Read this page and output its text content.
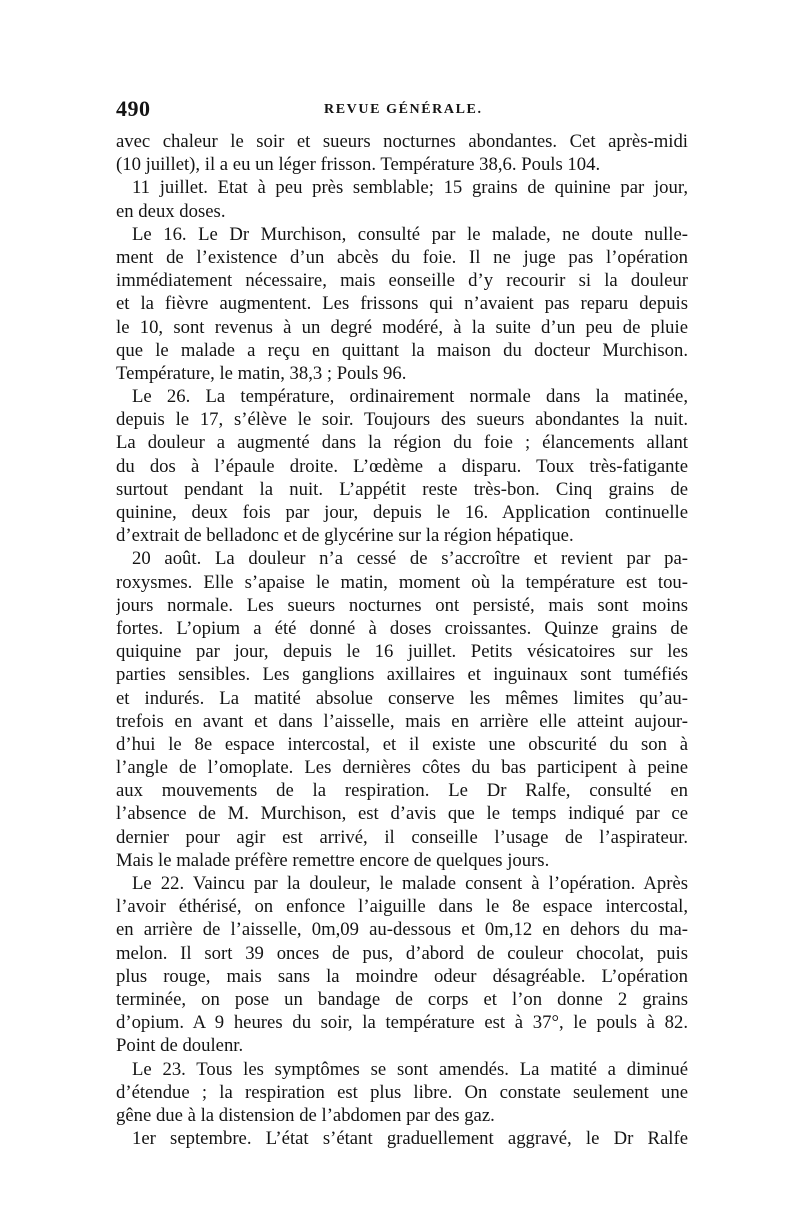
490	REVUE GÉNÉRALE.
avec chaleur le soir et sueurs nocturnes abondantes. Cet après-midi
(10 juillet), il a eu un léger frisson. Température 38,6. Pouls 104.
11 juillet. Etat à peu près semblable; 15 grains de quinine par jour,
en deux doses.
Le 16. Le Dr Murchison, consulté par le malade, ne doute nulle-
ment de l’existence d’un abcès du foie. Il ne juge pas l’opération
immédiatement nécessaire, mais eonseille d’y recourir si la douleur
et la fièvre augmentent. Les frissons qui n’avaient pas reparu depuis
le 10, sont revenus à un degré modéré, à la suite d’un peu de pluie
que le malade a reçu en quittant la maison du docteur Murchison.
Température, le matin, 38,3 ; Pouls 96.
Le 26. La température, ordinairement normale dans la matinée,
depuis le 17, s’élève le soir. Toujours des sueurs abondantes la nuit.
La douleur a augmenté dans la région du foie ; élancements allant
du dos à l’épaule droite. L’œdème a disparu. Toux très-fatigante
surtout pendant la nuit. L’appétit reste très-bon. Cinq grains de
quinine, deux fois par jour, depuis le 16. Application continuelle
d’extrait de belladonc et de glycérine sur la région hépatique.
20 août. La douleur n’a cessé de s’accroître et revient par pa-
roxysmes. Elle s’apaise le matin, moment où la température est tou-
jours normale. Les sueurs nocturnes ont persisté, mais sont moins
fortes. L’opium a été donné à doses croissantes. Quinze grains de
quiquine par jour, depuis le 16 juillet. Petits vésicatoires sur les
parties sensibles. Les ganglions axillaires et inguinaux sont tuméfiés
et indurés. La matité absolue conserve les mêmes limites qu’au-
trefois en avant et dans l’aisselle, mais en arrière elle atteint aujour-
d’hui le 8e espace intercostal, et il existe une obscurité du son à
l’angle de l’omoplate. Les dernières côtes du bas participent à peine
aux mouvements de la respiration. Le Dr Ralfe, consulté en
l’absence de M. Murchison, est d’avis que le temps indiqué par ce
dernier pour agir est arrivé, il conseille l’usage de l’aspirateur.
Mais le malade préfère remettre encore de quelques jours.
Le 22. Vaincu par la douleur, le malade consent à l’opération. Après
l’avoir éthérisé, on enfonce l’aiguille dans le 8e espace intercostal,
en arrière de l’aisselle, 0m,09 au-dessous et 0m,12 en dehors du ma-
melon. Il sort 39 onces de pus, d’abord de couleur chocolat, puis
plus rouge, mais sans la moindre odeur désagréable. L’opération
terminée, on pose un bandage de corps et l’on donne 2 grains
d’opium. A 9 heures du soir, la température est à 37°, le pouls à 82.
Point de doulenr.
Le 23. Tous les symptômes se sont amendés. La matité a diminué
d’étendue ; la respiration est plus libre. On constate seulement une
gêne due à la distension de l’abdomen par des gaz.
1er septembre. L’état s’étant graduellement aggravé, le Dr Ralfe
